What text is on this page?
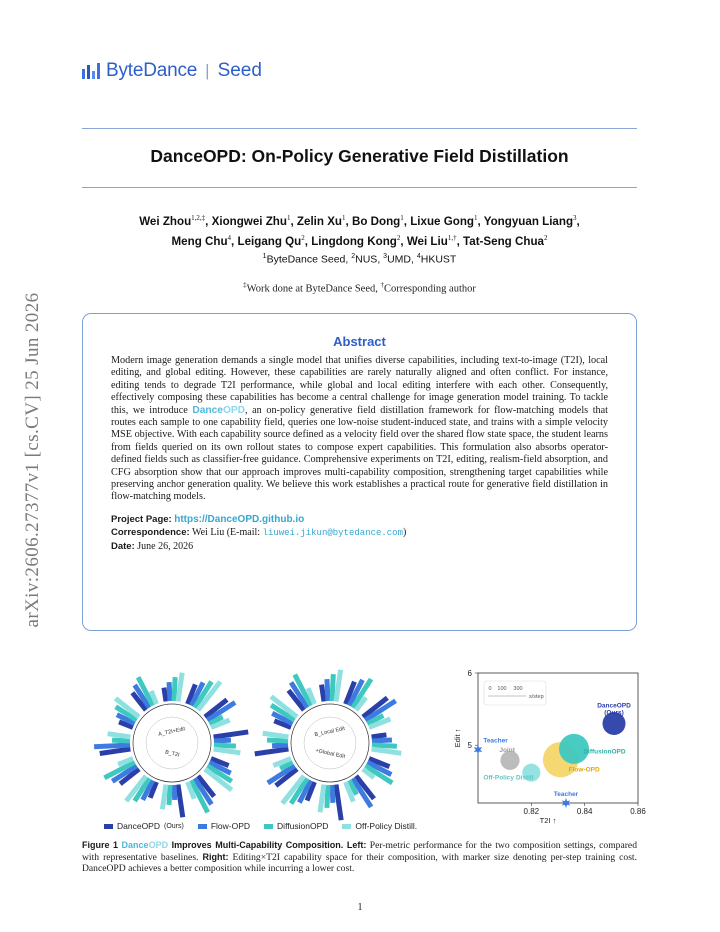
arXiv:2606.27377v1 [cs.CV] 25 Jun 2026
ByteDance | Seed
DanceOPD: On-Policy Generative Field Distillation
Wei Zhou$^{1,2,\ddagger}$, Xiongwei Zhu$^1$, Zelin Xu$^1$, Bo Dong$^1$, Lixue Gong$^1$, Yongyuan Liang$^3$,
Meng Chu$^4$, Leigang Qu$^2$, Lingdong Kong$^2$, Wei Liu$^{1,\dagger}$, Tat-Seng Chua$^2$
$^1$ByteDance Seed, $^2$NUS, $^3$UMD, $^4$HKUST
‡Work done at ByteDance Seed, †Corresponding author
Abstract

Modern image generation demands a single model that unifies diverse capabilities, including text-to-image (T2I), local editing, and global editing. However, these capabilities are rarely naturally aligned and often conflict. For instance, editing tends to degrade T2I performance, while global and local editing interfere with each other. Consequently, effectively composing these capabilities has become a central challenge for image generation model training. To tackle this, we introduce DanceOPD, an on-policy generative field distillation framework for flow-matching models that routes each sample to one capability field, queries one low-noise student-induced state, and trains with a simple velocity MSE objective. With each capability source defined as a velocity field over the shared flow state space, the student learns from fields queried on its own rollout states to compose expert capabilities. This formulation also absorbs operator-defined fields such as classifier-free guidance. Comprehensive experiments on T2I, editing, realism-field absorption, and CFG absorption show that our approach improves multi-capability composition, strengthening target capabilities while preserving anchor generation quality. We believe this work establishes a practical route for generative field distillation in flow-matching models.

Project Page: https://DanceOPD.github.io
Correspondence: Wei Liu (E-mail: liuwei.jikun@bytedance.com)
Date: June 26, 2026
A_T2I+Edit
B_T2I
B_Local Edit
+Global Edit
0.82	0.84	0.86
6
5
T2I ↑
Edit ↑
0 100 300
s/step
DanceOPD
(Ours)
DiffusionOPD
Flow-OPD
Joint
Off-Policy Distill
Teacher
Teacher
DanceOPD (Ours)	Flow-OPD	DiffusionOPD	Off-Policy Distill.
Figure 1 DanceOPD Improves Multi-Capability Composition. Left: Per-metric performance for the two composition settings, compared with representative baselines. Right: Editing×T2I capability space for their composition, with marker size denoting per-step training cost. DanceOPD achieves a better composition while incurring a lower cost.
1
